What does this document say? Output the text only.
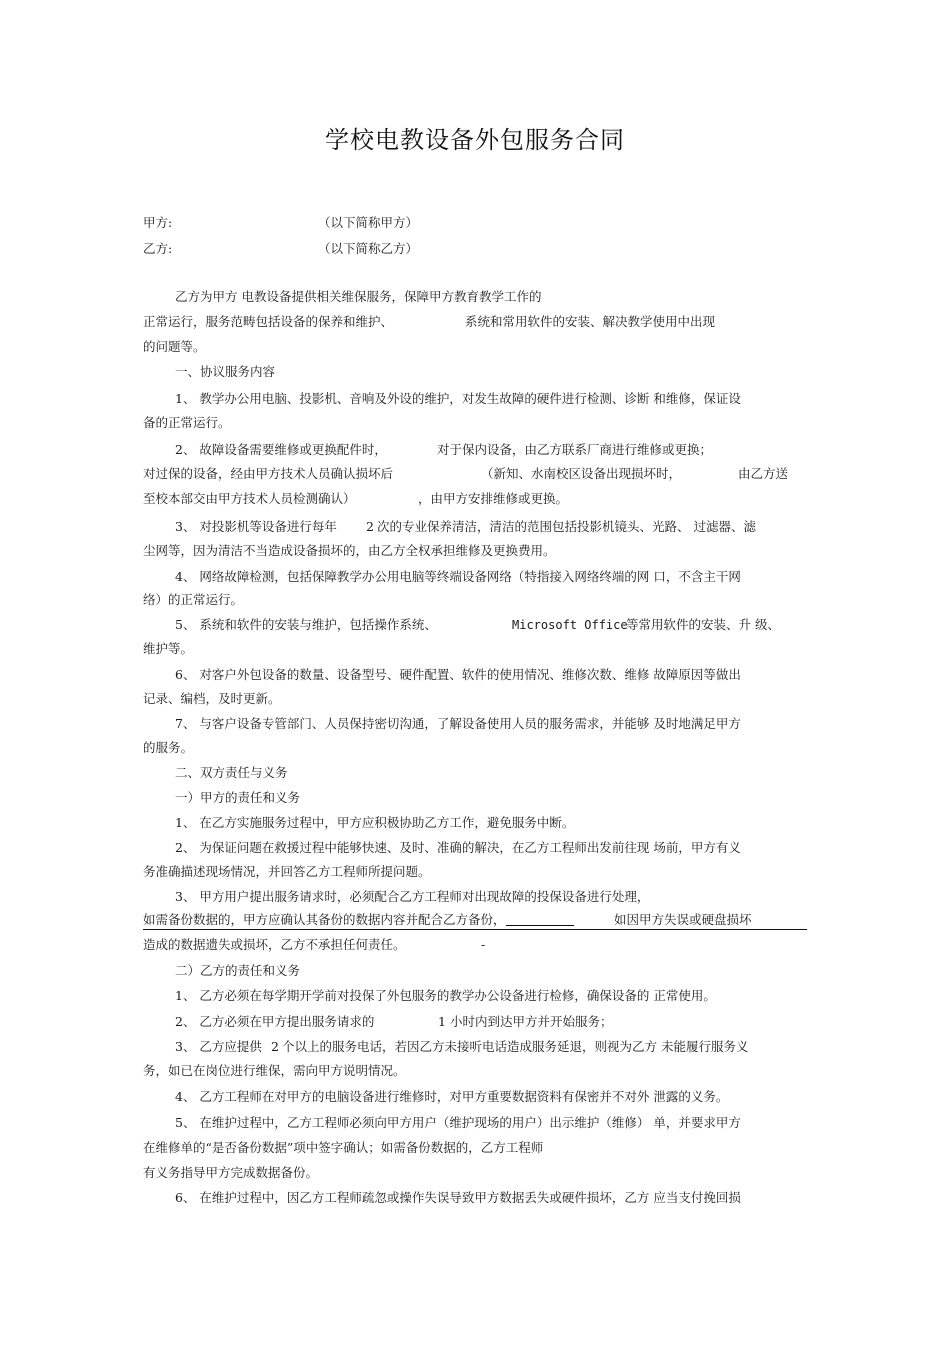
学校电教设备外包服务合同
甲方:	（以下简称甲方）
乙方:	（以下简称乙方）
乙方为甲方 电教设备提供相关维保服务，保障甲方教育教学工作的
正常运行，服务范畴包括设备的保养和维护、	系统和常用软件的安装、解决教学使用中出现
的问题等。
一、协议服务内容
1、 教学办公用电脑、投影机、音响及外设的维护，对发生故障的硬件进行检测、诊断 和维修，保证设
备的正常运行。
2、 故障设备需要维修或更换配件时，	对于保内设备，由乙方联系厂商进行维修或更换；
对过保的设备，经由甲方技术人员确认损坏后	（新知、水南校区设备出现损坏时，	由乙方送
至校本部交由甲方技术人员检测确认）	，由甲方安排维修或更换。
3、 对投影机等设备进行每年 2 次的专业保养清洁，清洁的范围包括投影机镜头、光路、 过滤器、滤
尘网等，因为清洁不当造成设备损坏的，由乙方全权承担维修及更换费用。
4、 网络故障检测，包括保障教学办公用电脑等终端设备网络（特指接入网络终端的网 口，不含主干网
络）的正常运行。
5、 系统和软件的安装与维护，包括操作系统、	Microsoft Office
等常用软件的安装、升 级、
维护等。
6、 对客户外包设备的数量、设备型号、硬件配置、软件的使用情况、维修次数、维修 故障原因等做出
记录、编档，及时更新。
7、 与客户设备专管部门、人员保持密切沟通，了解设备使用人员的服务需求，并能够 及时地满足甲方
的服务。
二、双方责任与义务
一）甲方的责任和义务
1、 在乙方实施服务过程中，甲方应积极协助乙方工作，避免服务中断。
2、 为保证问题在救援过程中能够快速、及时、准确的解决，在乙方工程师出发前往现 场前，甲方有义
务准确描述现场情况，并回答乙方工程师所提问题。
3、 甲方用户提出服务请求时，必须配合乙方工程师对出现故障的投保设备进行处理，
如需备份数据的，甲方应确认其备份的数据内容并配合乙方备份，	如因甲方失误或硬盘损坏
造成的数据遗失或损坏，乙方不承担任何责任。	-
二）乙方的责任和义务
1、 乙方必须在每学期开学前对投保了外包服务的教学办公设备进行检修，确保设备的 正常使用。
2、 乙方必须在甲方提出服务请求的	1 小时内到达甲方并开始服务；
3、 乙方应提供 2 个以上的服务电话，若因乙方未接听电话造成服务延退，则视为乙方 未能履行服务义
务，如已在岗位进行维保，需向甲方说明情况。
4、 乙方工程师在对甲方的电脑设备进行维修时，对甲方重要数据资料有保密并不对外 泄露的义务。
5、 在维护过程中，乙方工程师必须向甲方用户（维护现场的用户）出示维护（维修） 单，并要求甲方
在维修单的“是否备份数据”项中签字确认；如需备份数据的，乙方工程师
有义务指导甲方完成数据备份。
6、 在维护过程中，因乙方工程师疏忽或操作失误导致甲方数据丢失或硬件损坏，乙方 应当支付挽回损
